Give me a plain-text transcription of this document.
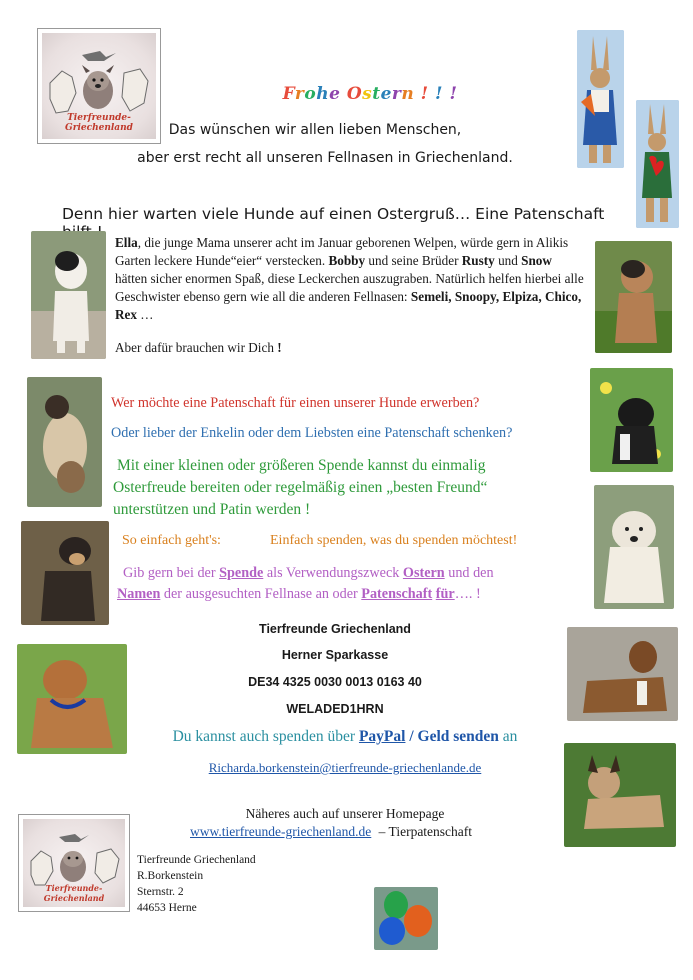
Tierfreunde-Griechenland
Frohe Ostern ! ! !
Das wünschen wir allen lieben Menschen,
aber erst recht all unseren Fellnasen in Griechenland.
Denn hier warten viele Hunde auf einen Ostergruß… Eine Patenschaft
Ella, die junge Mama unserer acht im Januar geborenen Welpen, würde gern in Alikis Garten leckere Hunde“eier“ verstecken. Bobby und seine Brüder Rusty und Snow hätten sicher enormen Spaß, diese Leckerchen auszugraben. Natürlich helfen hierbei alle Geschwister ebenso gern wie all die anderen Fellnasen: Semeli, Snoopy, Elpiza, Chico, Rex …
Aber dafür brauchen wir Dich !
Wer möchte eine Patenschaft für einen unserer Hunde erwerben?
Oder lieber der Enkelin oder dem Liebsten eine Patenschaft schenken?
Mit einer kleinen oder größeren Spende kannst du einmalig
Osterfreude bereiten oder regelmäßig einen „besten Freund“
unterstützen und Patin werden !
So einfach geht's:	Einfach spenden, was du spenden möchtest!
Gib gern bei der Spende als Verwendungszweck Ostern und den
Namen der ausgesuchten Fellnase an oder Patenschaft für…. !
Tierfreunde Griechenland
Herner Sparkasse
DE34 4325 0030 0013 0163 40
WELADED1HRN
Du kannst auch spenden über PayPal / Geld senden an
Richarda.borkenstein@tierfreunde-griechenlande.de
Näheres auch auf unserer Homepage
www.tierfreunde-griechenland.de – Tierpatenschaft
Tierfreunde-Griechenland
Tierfreunde Griechenland
R.Borkenstein
Sternstr. 2
44653 Herne
